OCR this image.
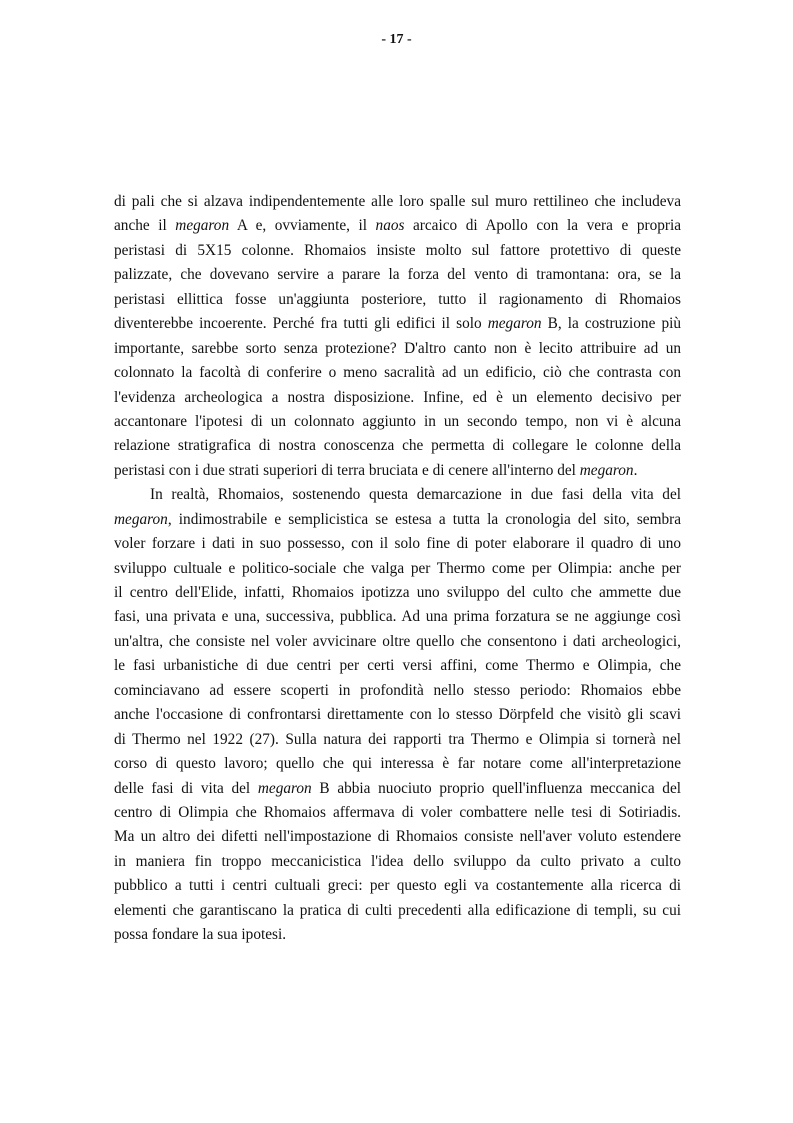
- 17 -
di pali che si alzava indipendentemente alle loro spalle sul muro rettilineo che includeva
anche il megaron A e, ovviamente, il naos arcaico di Apollo con la vera e propria
peristasi di 5X15 colonne. Rhomaios insiste molto sul fattore protettivo di queste
palizzate, che dovevano servire a parare la forza del vento di tramontana: ora, se la
peristasi ellittica fosse un'aggiunta posteriore, tutto il ragionamento di Rhomaios
diventerebbe incoerente. Perché fra tutti gli edifici il solo megaron B, la costruzione più
importante, sarebbe sorto senza protezione? D'altro canto non è lecito attribuire ad un
colonnato la facoltà di conferire o meno sacralità ad un edificio, ciò che contrasta con
l'evidenza archeologica a nostra disposizione. Infine, ed è un elemento decisivo per
accantonare l'ipotesi di un colonnato aggiunto in un secondo tempo, non vi è alcuna
relazione stratigrafica di nostra conoscenza che permetta di collegare le colonne della
peristasi con i due strati superiori di terra bruciata e di cenere all'interno del megaron.
In realtà, Rhomaios, sostenendo questa demarcazione in due fasi della vita del
megaron, indimostrabile e semplicistica se estesa a tutta la cronologia del sito, sembra
voler forzare i dati in suo possesso, con il solo fine di poter elaborare il quadro di uno
sviluppo cultuale e politico-sociale che valga per Thermo come per Olimpia: anche per
il centro dell'Elide, infatti, Rhomaios ipotizza uno sviluppo del culto che ammette due
fasi, una privata e una, successiva, pubblica. Ad una prima forzatura se ne aggiunge così
un'altra, che consiste nel voler avvicinare oltre quello che consentono i dati archeologici,
le fasi urbanistiche di due centri per certi versi affini, come Thermo e Olimpia, che
cominciavano ad essere scoperti in profondità nello stesso periodo: Rhomaios ebbe
anche l'occasione di confrontarsi direttamente con lo stesso Dörpfeld che visitò gli scavi
di Thermo nel 1922 (27). Sulla natura dei rapporti tra Thermo e Olimpia si tornerà nel
corso di questo lavoro; quello che qui interessa è far notare come all'interpretazione
delle fasi di vita del megaron B abbia nuociuto proprio quell'influenza meccanica del
centro di Olimpia che Rhomaios affermava di voler combattere nelle tesi di Sotiriadis.
Ma un altro dei difetti nell'impostazione di Rhomaios consiste nell'aver voluto estendere
in maniera fin troppo meccanicistica l'idea dello sviluppo da culto privato a culto
pubblico a tutti i centri cultuali greci: per questo egli va costantemente alla ricerca di
elementi che garantiscano la pratica di culti precedenti alla edificazione di templi, su cui
possa fondare la sua ipotesi.
